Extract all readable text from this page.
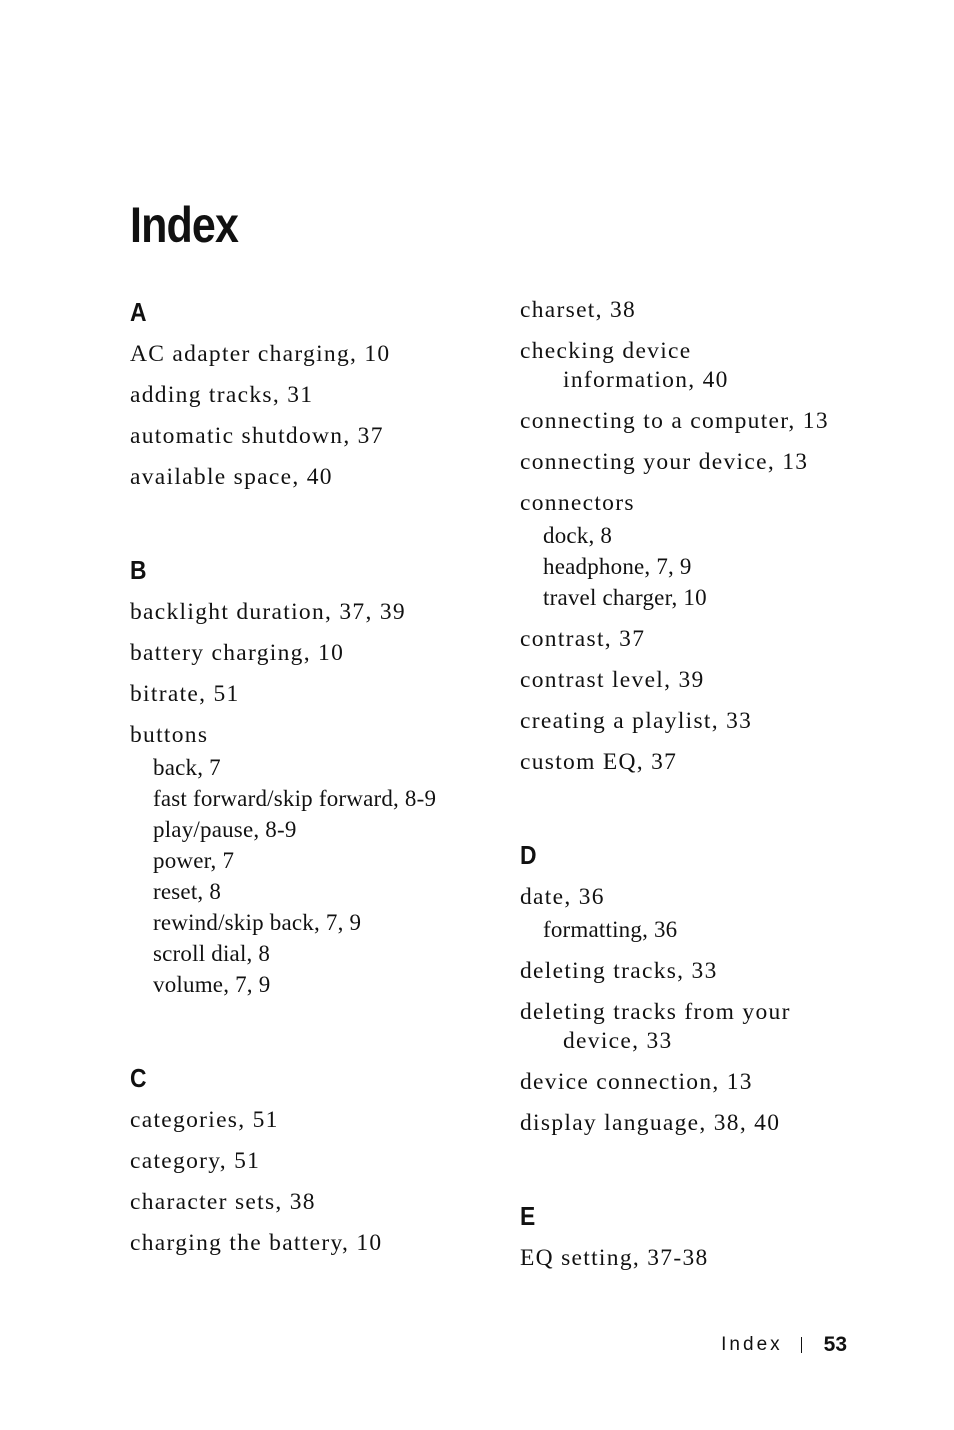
Index
A
AC adapter charging, 10
adding tracks, 31
automatic shutdown, 37
available space, 40
B
backlight duration, 37, 39
battery charging, 10
bitrate, 51
buttons
back, 7
fast forward/skip forward, 8-9
play/pause, 8-9
power, 7
reset, 8
rewind/skip back, 7, 9
scroll dial, 8
volume, 7, 9
C
categories, 51
category, 51
character sets, 38
charging the battery, 10
charset, 38
checking device
information, 40
connecting to a computer, 13
connecting your device, 13
connectors
dock, 8
headphone, 7, 9
travel charger, 10
contrast, 37
contrast level, 39
creating a playlist, 33
custom EQ, 37
D
date, 36
formatting, 36
deleting tracks, 33
deleting tracks from your
device, 33
device connection, 13
display language, 38, 40
E
EQ setting, 37-38
Index 53
